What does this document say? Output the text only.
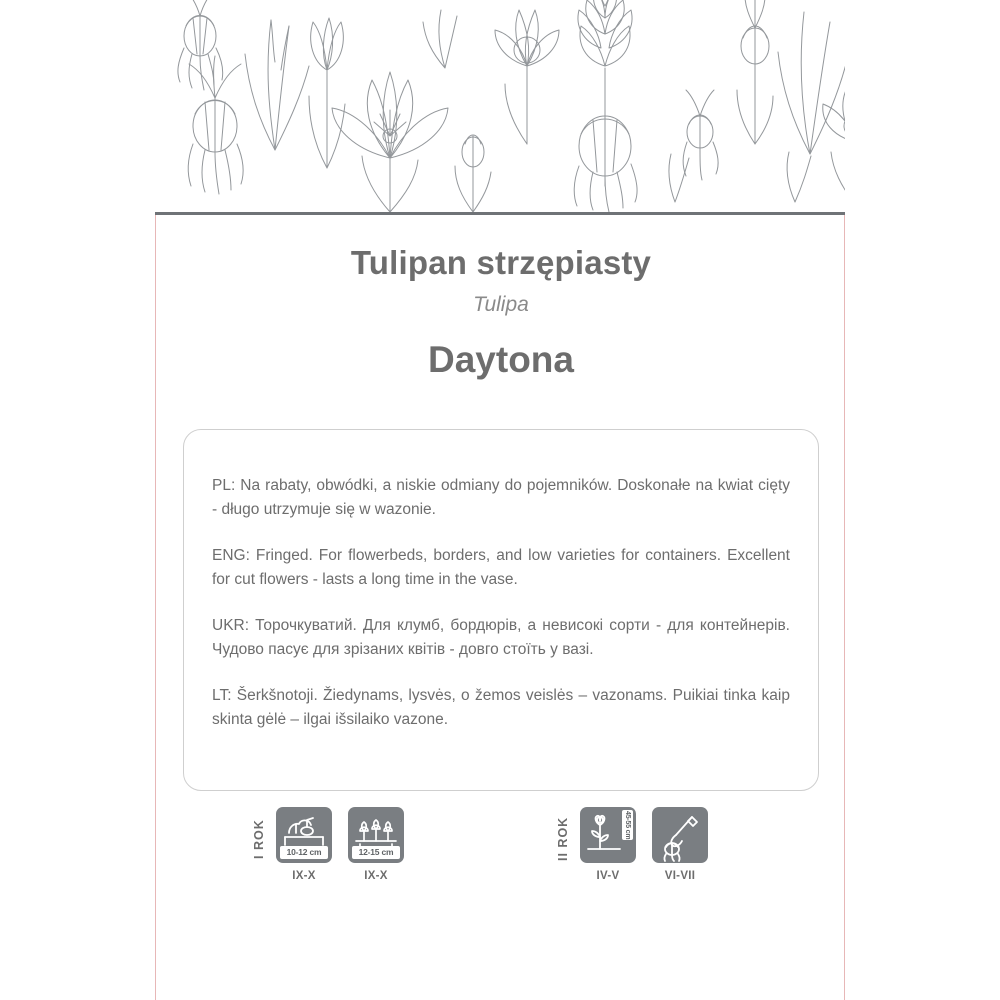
Tulipan strzępiasty
Tulipa
Daytona

PL: Na rabaty, obwódki, a niskie odmiany do pojemników. Doskonałe na kwiat cięty - długo utrzymuje się w wazonie.

ENG: Fringed. For flowerbeds, borders, and low varieties for containers. Excellent for cut flowers - lasts a long time in the vase.

UKR: Торочкуватий. Для клумб, бордюрів, а невисокі сорти - для контейнерів. Чудово пасує для зрізаних квітів - довго стоїть у вазі.

LT: Šerkšnotoji. Žiedynams, lysvės, o žemos veislės – vazonams. Puikiai tinka kaip skinta gėlė – ilgai išsilaiko vazone.

I ROK	10-12 cm
IX-X
12-15 cm
IX-X
II ROK	45-55 cm
IV-V	VI-VII
